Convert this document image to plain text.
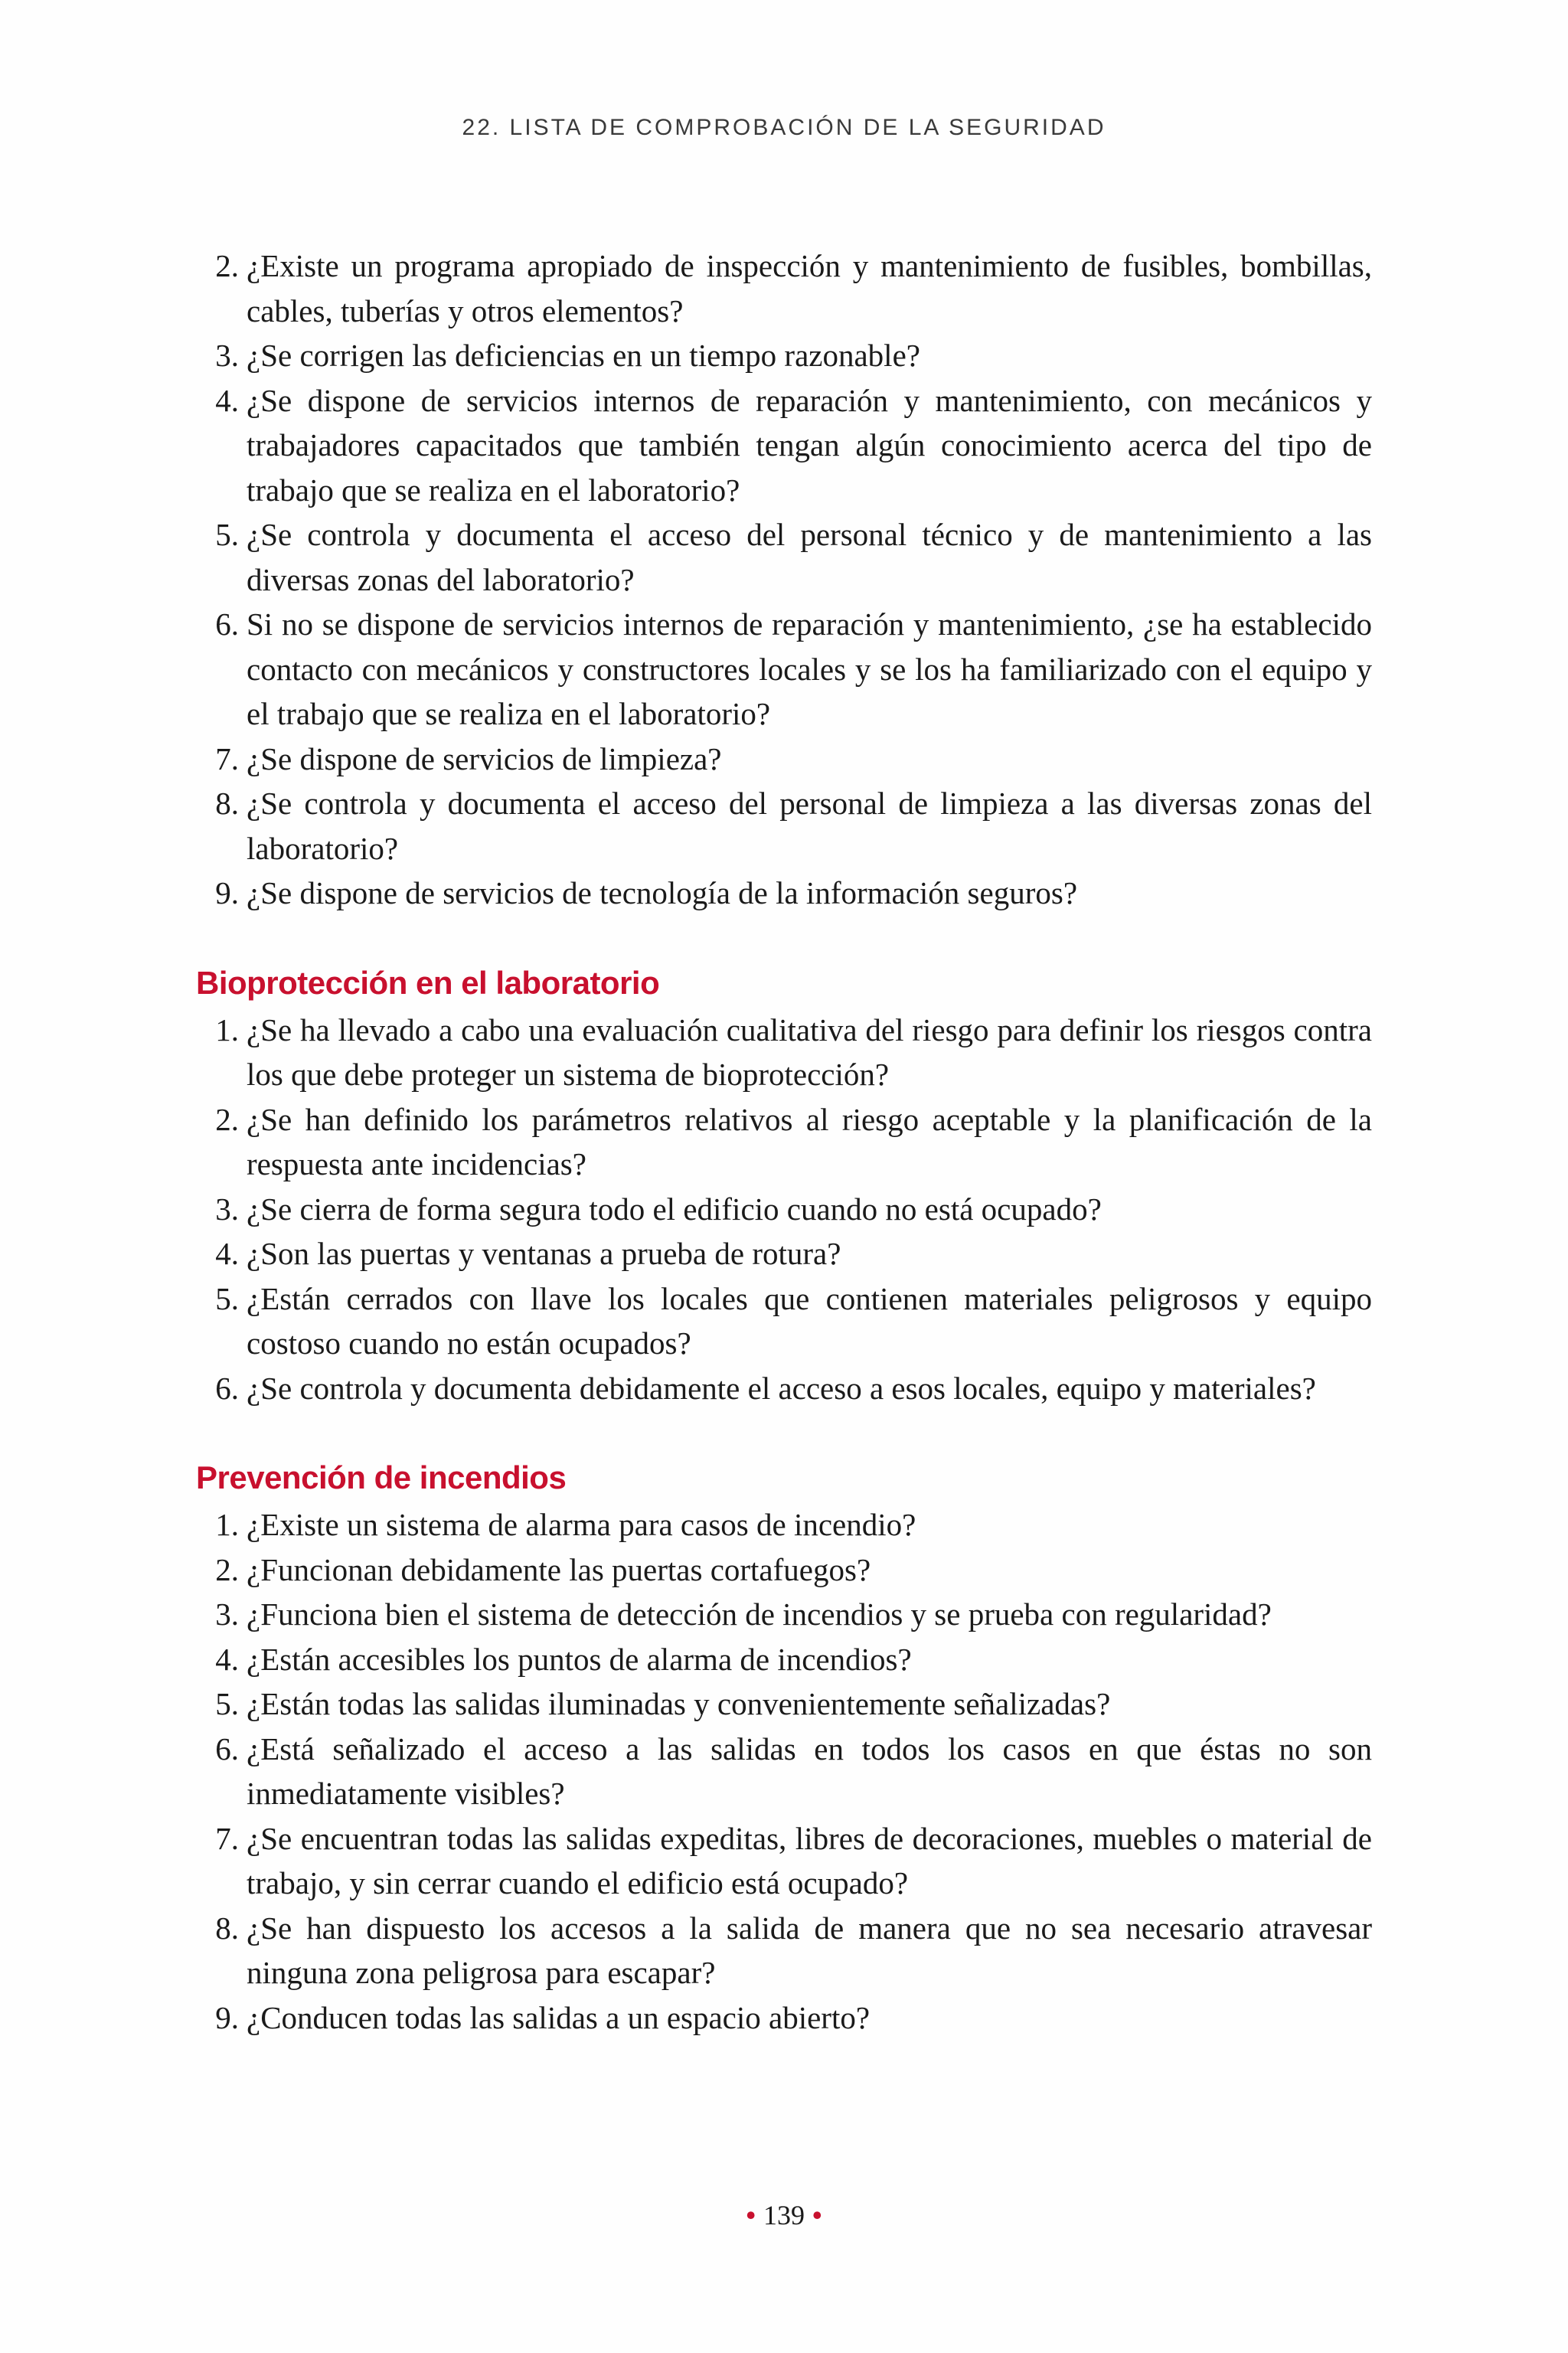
22. LISTA DE COMPROBACIÓN DE LA SEGURIDAD
2. ¿Existe un programa apropiado de inspección y mantenimiento de fusibles, bombillas, cables, tuberías y otros elementos?
3. ¿Se corrigen las deficiencias en un tiempo razonable?
4. ¿Se dispone de servicios internos de reparación y mantenimiento, con mecánicos y trabajadores capacitados que también tengan algún conocimiento acerca del tipo de trabajo que se realiza en el laboratorio?
5. ¿Se controla y documenta el acceso del personal técnico y de mantenimiento a las diversas zonas del laboratorio?
6. Si no se dispone de servicios internos de reparación y mantenimiento, ¿se ha establecido contacto con mecánicos y constructores locales y se los ha familiarizado con el equipo y el trabajo que se realiza en el laboratorio?
7. ¿Se dispone de servicios de limpieza?
8. ¿Se controla y documenta el acceso del personal de limpieza a las diversas zonas del laboratorio?
9. ¿Se dispone de servicios de tecnología de la información seguros?
Bioprotección en el laboratorio
1. ¿Se ha llevado a cabo una evaluación cualitativa del riesgo para definir los riesgos contra los que debe proteger un sistema de bioprotección?
2. ¿Se han definido los parámetros relativos al riesgo aceptable y la planificación de la respuesta ante incidencias?
3. ¿Se cierra de forma segura todo el edificio cuando no está ocupado?
4. ¿Son las puertas y ventanas a prueba de rotura?
5. ¿Están cerrados con llave los locales que contienen materiales peligrosos y equipo costoso cuando no están ocupados?
6. ¿Se controla y documenta debidamente el acceso a esos locales, equipo y materiales?
Prevención de incendios
1. ¿Existe un sistema de alarma para casos de incendio?
2. ¿Funcionan debidamente las puertas cortafuegos?
3. ¿Funciona bien el sistema de detección de incendios y se prueba con regularidad?
4. ¿Están accesibles los puntos de alarma de incendios?
5. ¿Están todas las salidas iluminadas y convenientemente señalizadas?
6. ¿Está señalizado el acceso a las salidas en todos los casos en que éstas no son inmediatamente visibles?
7. ¿Se encuentran todas las salidas expeditas, libres de decoraciones, muebles o material de trabajo, y sin cerrar cuando el edificio está ocupado?
8. ¿Se han dispuesto los accesos a la salida de manera que no sea necesario atravesar ninguna zona peligrosa para escapar?
9. ¿Conducen todas las salidas a un espacio abierto?
• 139 •
